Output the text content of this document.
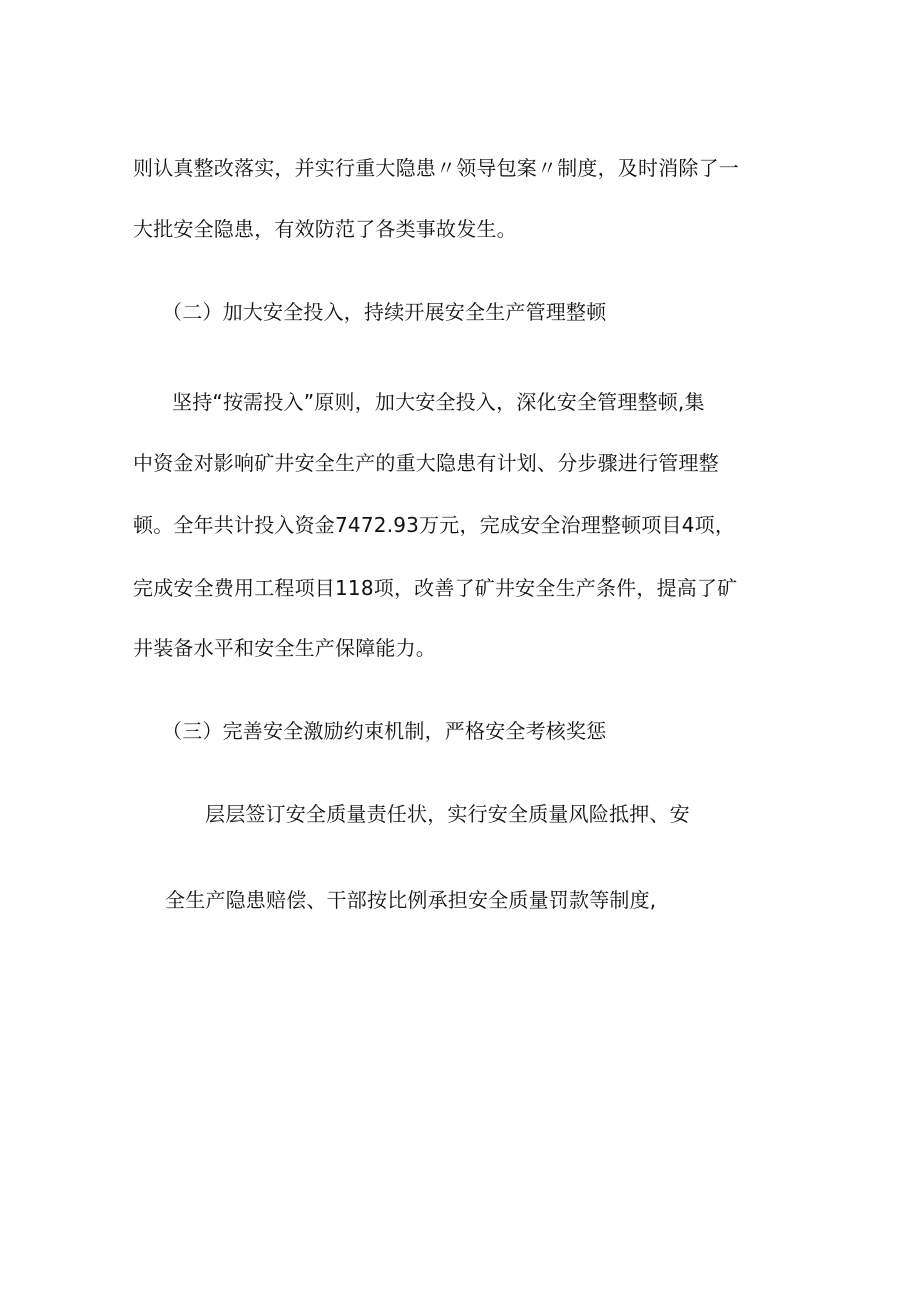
则认真整改落实，并实行重大隐患〃领导包案〃制度，及时消除了一
大批安全隐患，有效防范了各类事故发生。
（二）加大安全投入，持续开展安全生产管理整顿
坚持“按需投入”原则，加大安全投入，深化安全管理整顿,集
中资金对影响矿井安全生产的重大隐患有计划、分步骤进行管理整
顿。全年共计投入资金7472.93万元，完成安全治理整顿项目4项，
完成安全费用工程项目118项，改善了矿井安全生产条件，提高了矿
井装备水平和安全生产保障能力。
（三）完善安全激励约束机制，严格安全考核奖惩
层层签订安全质量责任状，实行安全质量风险抵押、安
全生产隐患赔偿、干部按比例承担安全质量罚款等制度,
